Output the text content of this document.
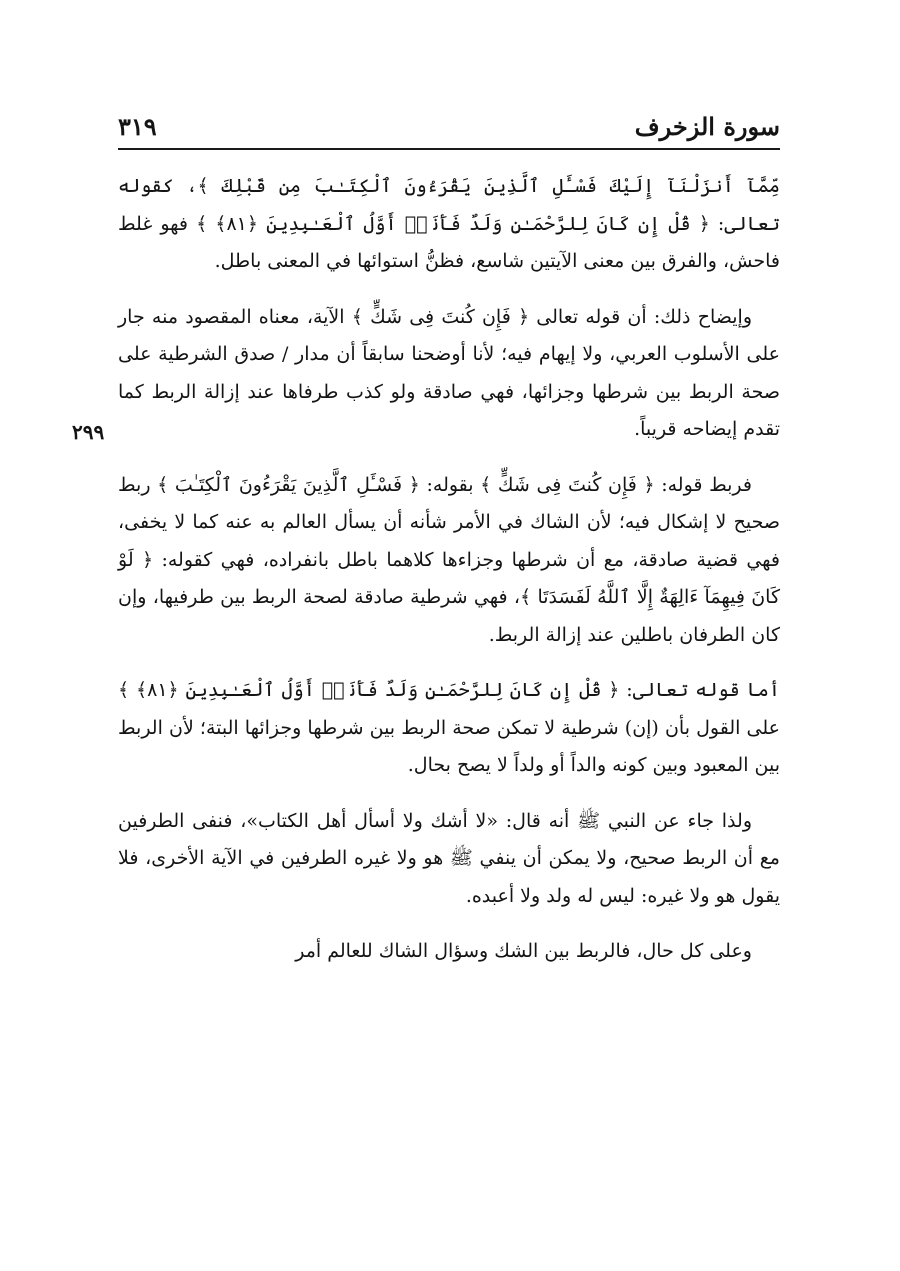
سورة الزخرف
٣١٩
٢٩٩

مِّمَّآ أَنزَلْنَآ إِلَيْكَ فَسْـَٔلِ ٱلَّذِينَ يَقْرَءُونَ ٱلْكِتَـٰبَ مِن قَبْلِكَ ﴾، كقوله تعالى: ﴿ قُلْ إِن كَانَ لِلرَّحْمَـٰنِ وَلَدٌ فَأَنَا۠ أَوَّلُ ٱلْعَـٰبِدِينَ ﴿٨١﴾ ﴾ فهو غلط فاحش، والفرق بين معنى الآيتين شاسع، فظنُّ استوائها في المعنى باطل.

وإيضاح ذلك: أن قوله تعالى ﴿ فَإِن كُنتَ فِى شَكٍّ ﴾ الآية، معناه المقصود منه جار على الأسلوب العربي، ولا إيهام فيه؛ لأنا أوضحنا سابقاً أن مدار / صدق الشرطية على صحة الربط بين شرطها وجزائها، فهي صادقة ولو كذب طرفاها عند إزالة الربط كما تقدم إيضاحه قريباً.

فربط قوله: ﴿ فَإِن كُنتَ فِى شَكٍّ ﴾ بقوله: ﴿ فَسْـَٔلِ ٱلَّذِينَ يَقْرَءُونَ ٱلْكِتَـٰبَ ﴾ ربط صحيح لا إشكال فيه؛ لأن الشاك في الأمر شأنه أن يسأل العالم به عنه كما لا يخفى، فهي قضية صادقة، مع أن شرطها وجزاءها كلاهما باطل بانفراده، فهي كقوله: ﴿ لَوْ كَانَ فِيهِمَآ ءَالِهَةٌ إِلَّا ٱللَّهُ لَفَسَدَتَا ﴾، فهي شرطية صادقة لصحة الربط بين طرفيها، وإن كان الطرفان باطلين عند إزالة الربط.

أما قوله تعالى: ﴿ قُلْ إِن كَانَ لِلرَّحْمَـٰنِ وَلَدٌ فَأَنَا۠ أَوَّلُ ٱلْعَـٰبِدِينَ ﴿٨١﴾ ﴾ على القول بأن (إن) شرطية لا تمكن صحة الربط بين شرطها وجزائها البتة؛ لأن الربط بين المعبود وبين كونه والداً أو ولداً لا يصح بحال.

ولذا جاء عن النبي ﷺ أنه قال: «لا أشك ولا أسأل أهل الكتاب»، فنفى الطرفين مع أن الربط صحيح، ولا يمكن أن ينفي ﷺ هو ولا غيره الطرفين في الآية الأخرى، فلا يقول هو ولا غيره: ليس له ولد ولا أعبده.

وعلى كل حال، فالربط بين الشك وسؤال الشاك للعالم أمر
